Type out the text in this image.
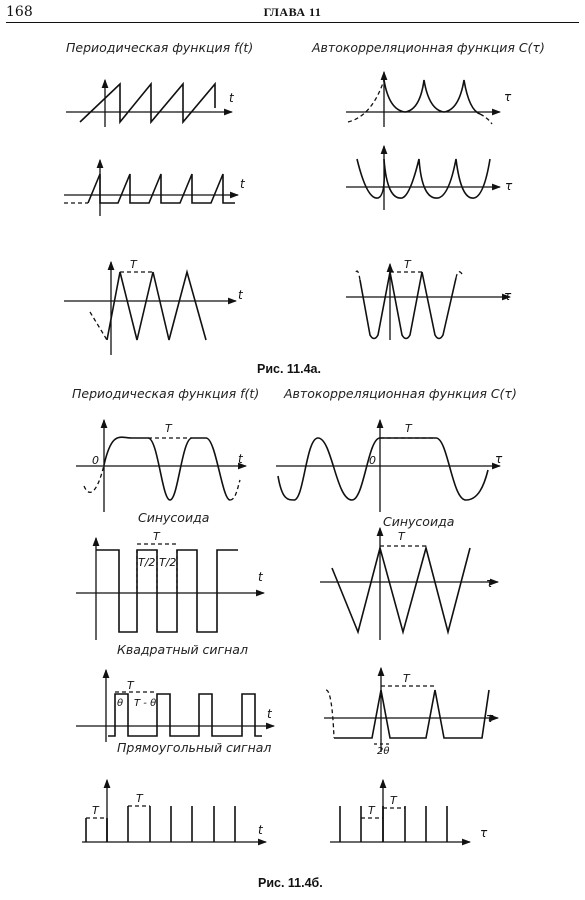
168	ГЛАВА 11
Периодическая функция f(t)	Автокорреляционная функция C(τ)
Рис. 11.4а.
Периодическая функция f(t) Автокорреляционная функция C(τ)
Синусоида	Синусоида
Квадратный сигнал
Прямоугольный сигнал
Рис. 11.4б.
T	T
0
T
0
T
T
T/2 T/2
T
T
θ T - θ
T
2θ
T
T
T
T
t	τ
t	τ
t	τ
t	τ
t	τ
t	τ
t	τ
